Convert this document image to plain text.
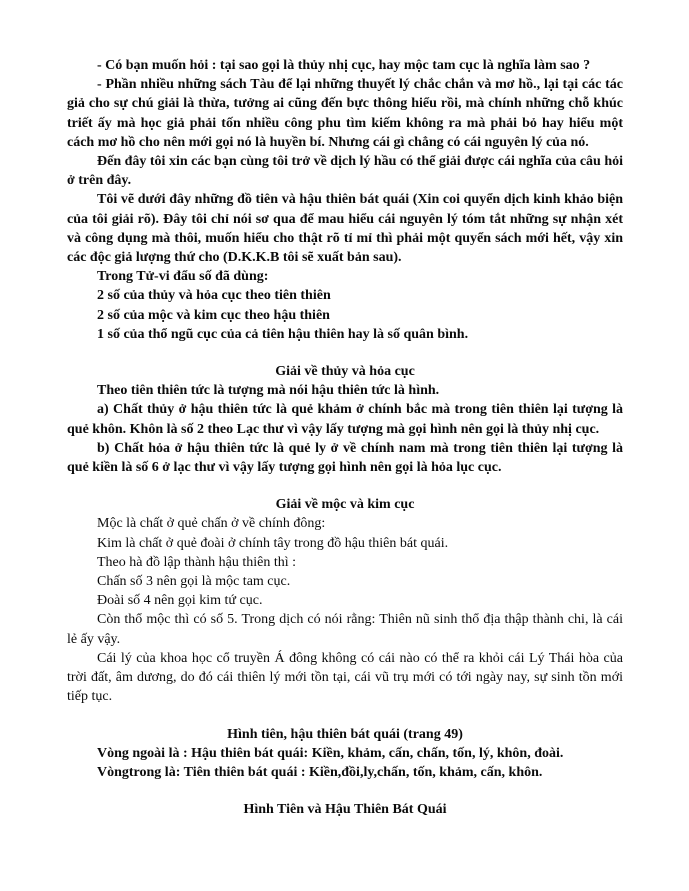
- Có bạn muốn hỏi : tại sao gọi là thủy nhị cục, hay mộc tam cục là nghĩa làm sao ?
- Phần nhiều những sách Tàu để lại những thuyết lý chắc chắn và mơ hồ., lại tại các tác giả cho sự chú giải là thừa, tưởng ai cũng đến bực thông hiểu rồi, mà chính những chỗ khúc triết ấy mà học giả phải tốn nhiều công phu tìm kiếm không ra mà phải bỏ hay hiểu một cách mơ hồ cho nên mới gọi nó là huyền bí. Nhưng cái gì chẳng có cái nguyên lý của nó.
Đến đây tôi xin các bạn cùng tôi trở về dịch lý hầu có thể giải được cái nghĩa của câu hỏi ở trên đây.
Tôi vẽ dưới đây những đồ tiên và hậu thiên bát quái (Xin coi quyển dịch kinh khảo biện của tôi giải rõ). Đây tôi chỉ nói sơ qua để mau hiểu cái nguyên lý tóm tắt những sự nhận xét và công dụng mà thôi, muốn hiểu cho thật rõ tỉ mỉ thì phải một quyển sách mới hết, vậy xin các độc giả lượng thứ cho (D.K.K.B tôi sẽ xuất bản sau).
Trong Tử-vi đẩu số đã dùng:
2 số của thủy và hỏa cục theo tiên thiên
2 số của mộc và kim cục theo hậu thiên
1 số của thổ ngũ cục của cả tiên hậu thiên hay là số quân bình.
Giải về thủy và hỏa cục
Theo tiên thiên tức là tượng mà nói hậu thiên tức là hình.
a) Chất thủy ở hậu thiên tức là quẻ khảm ở chính bắc mà trong tiên thiên lại tượng là quẻ khôn. Khôn là số 2 theo Lạc thư vì vậy lấy tượng mà gọi hình nên gọi là thủy nhị cục.
b) Chất hỏa ở hậu thiên tức là quẻ ly ở về chính nam mà trong tiên thiên lại tượng là quẻ kiền là số 6 ở lạc thư vì vậy lấy tượng gọi hình nên gọi là hỏa lục cục.
Giải về mộc và kim cục
Mộc là chất ở quẻ chấn ở về chính đông:
Kim là chất ở quẻ đoài ở chính tây trong đồ hậu thiên bát quái.
Theo hà đồ lập thành hậu thiên thì :
Chấn số 3 nên gọi là mộc tam cục.
Đoài số 4 nên gọi kim tứ cục.
Còn thổ mộc thì có số 5. Trong dịch có nói rằng: Thiên nũ sinh thổ địa thập thành chi, là cái lẻ ấy vậy.
Cái lý của khoa học cổ truyền Á đông không có cái nào có thể ra khỏi cái Lý Thái hòa của trời đất, âm dương, do đó cái thiên lý mới tồn tại, cái vũ trụ mới có tới ngày nay, sự sinh tồn mới tiếp tục.
Hình tiên, hậu thiên bát quái (trang 49)
Vòng ngoài là : Hậu thiên bát quái: Kiền, khảm, cấn, chấn, tốn, lý, khôn, đoài.
Vòngtrong là: Tiên thiên bát quái : Kiền,đồi,ly,chấn, tốn, khảm, cấn, khôn.
Hình Tiên và Hậu Thiên Bát Quái
